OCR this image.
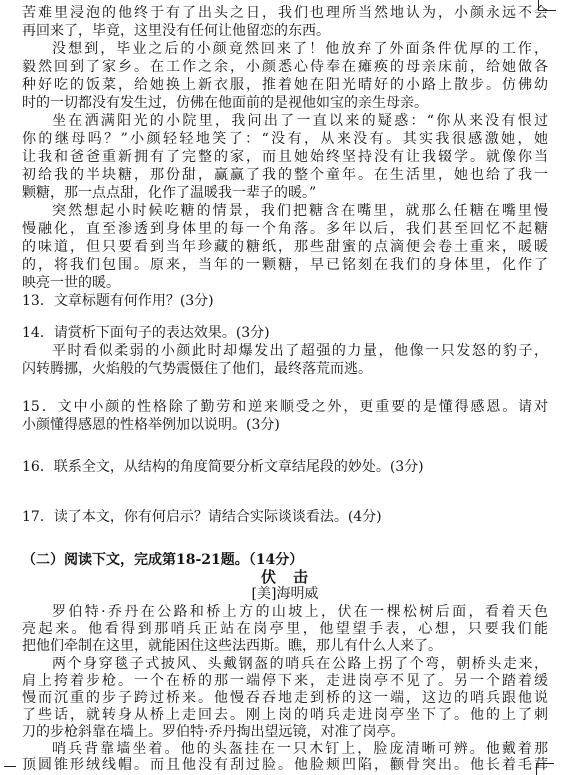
苦难里浸泡的他终于有了出头之日，我们也理所当然地认为，小颜永远不会
再回来了，毕竟，这里没有任何让他留恋的东西。
没想到，毕业之后的小颜竟然回来了！他放弃了外面条件优厚的工作，
毅然回到了家乡。在工作之余，小颜悉心侍奉在瘫痪的母亲床前，给她做各
种好吃的饭菜，给她换上新衣服，推着她在阳光晴好的小路上散步。仿佛幼
时的一切都没有发生过，仿佛在他面前的是视他如宝的亲生母亲。
坐在洒满阳光的小院里，我问出了一直以来的疑惑：“你从来没有恨过
你的继母吗？”小颜轻轻地笑了：“没有，从来没有。其实我很感激她，她
让我和爸爸重新拥有了完整的家，而且她始终坚持没有让我辍学。就像你当
初给我的半块糖，那份甜，赢赢了我的整个童年。在生活里，她也给了我一
颗糖，那一点点甜，化作了温暖我一辈子的暖。”
突然想起小时候吃糖的情景，我们把糖含在嘴里，就那么任糖在嘴里慢
慢融化，直至渗透到身体里的每一个角落。多年以后，我们甚至回忆不起糖
的味道，但只要看到当年珍藏的糖纸，那些甜蜜的点滴便会卷土重来，暖暖
的，将我们包围。原来，当年的一颗糖，早已铭刻在我们的身体里，化作了
映亮一世的暖。
13．文章标题有何作用？(3分)
14．请赏析下面句子的表达效果。(3分)
平时看似柔弱的小颜此时却爆发出了超强的力量，他像一只发怒的豹子，
闪转腾挪，火焰般的气势震慑住了他们，最终落荒而逃。
15．文中小颜的性格除了勤劳和逆来顺受之外，更重要的是懂得感恩。请对
小颜懂得感恩的性格举例加以说明。(3分)
16．联系全文，从结构的角度简要分析文章结尾段的妙处。(3分)
17．读了本文，你有何启示？请结合实际谈谈看法。(4分)
（二）阅读下文，完成第18-21题。（14分）
伏　击
[美]海明威
罗伯特·乔丹在公路和桥上方的山坡上，伏在一棵松树后面，看着天色
亮起来。他看得到那哨兵正站在岗亭里，他望望手表，心想，只要我们能
把他们牵制在这里，就能困住这些法西斯。瞧，那儿有什么人来了。
两个身穿毯子式披风、头戴钢盔的哨兵在公路上拐了个弯，朝桥头走来，
肩上挎着步枪。一个在桥的那一端停下来，走进岗亭不见了。另一个踏着缓
慢而沉重的步子跨过桥来。他慢吞吞地走到桥的这一端，这边的哨兵跟他说
了些话，就转身从桥上走回去。刚上岗的哨兵走进岗亭坐下了。他的上了刺
刀的步枪斜靠在墙上。罗伯特·乔丹掏出望远镜，对准了岗亭。
哨兵背靠墙坐着。他的头盔挂在一只木钉上，脸庞清晰可辨。他戴着那
顶圆锥形绒线帽。而且他没有刮过脸。他脸颊凹陷，颧骨突出。他长着毛茸
